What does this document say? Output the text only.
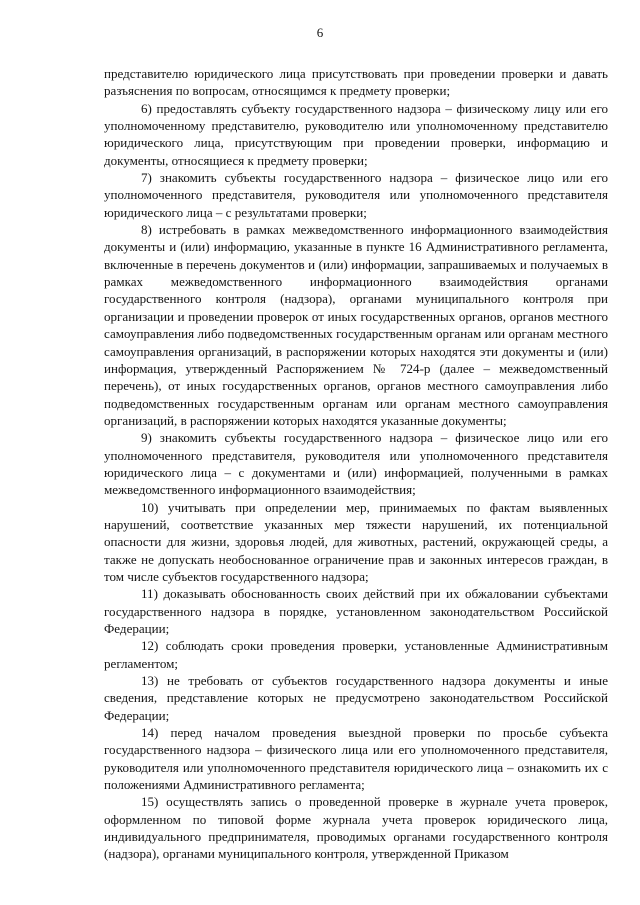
6

представителю юридического лица присутствовать при проведении проверки и давать разъяснения по вопросам, относящимся к предмету проверки;

6) предоставлять субъекту государственного надзора – физическому лицу или его уполномоченному представителю, руководителю или уполномоченному представителю юридического лица, присутствующим при проведении проверки, информацию и документы, относящиеся к предмету проверки;

7) знакомить субъекты государственного надзора – физическое лицо или его уполномоченного представителя, руководителя или уполномоченного представителя юридического лица – с результатами проверки;

8) истребовать в рамках межведомственного информационного взаимодействия документы и (или) информацию, указанные в пункте 16 Административного регламента, включенные в перечень документов и (или) информации, запрашиваемых и получаемых в рамках межведомственного информационного взаимодействия органами государственного контроля (надзора), органами муниципального контроля при организации и проведении проверок от иных государственных органов, органов местного самоуправления либо подведомственных государственным органам или органам местного самоуправления организаций, в распоряжении которых находятся эти документы и (или) информация, утвержденный Распоряжением № 724-р (далее – межведомственный перечень), от иных государственных органов, органов местного самоуправления либо подведомственных государственным органам или органам местного самоуправления организаций, в распоряжении которых находятся указанные документы;

9) знакомить субъекты государственного надзора – физическое лицо или его уполномоченного представителя, руководителя или уполномоченного представителя юридического лица – с документами и (или) информацией, полученными в рамках межведомственного информационного взаимодействия;

10) учитывать при определении мер, принимаемых по фактам выявленных нарушений, соответствие указанных мер тяжести нарушений, их потенциальной опасности для жизни, здоровья людей, для животных, растений, окружающей среды, а также не допускать необоснованное ограничение прав и законных интересов граждан, в том числе субъектов государственного надзора;

11) доказывать обоснованность своих действий при их обжаловании субъектами государственного надзора в порядке, установленном законодательством Российской Федерации;

12) соблюдать сроки проведения проверки, установленные Административным регламентом;

13) не требовать от субъектов государственного надзора документы и иные сведения, представление которых не предусмотрено законодательством Российской Федерации;

14) перед началом проведения выездной проверки по просьбе субъекта государственного надзора – физического лица или его уполномоченного представителя, руководителя или уполномоченного представителя юридического лица – ознакомить их с положениями Административного регламента;

15) осуществлять запись о проведенной проверке в журнале учета проверок, оформленном по типовой форме журнала учета проверок юридического лица, индивидуального предпринимателя, проводимых органами государственного контроля (надзора), органами муниципального контроля, утвержденной Приказом
